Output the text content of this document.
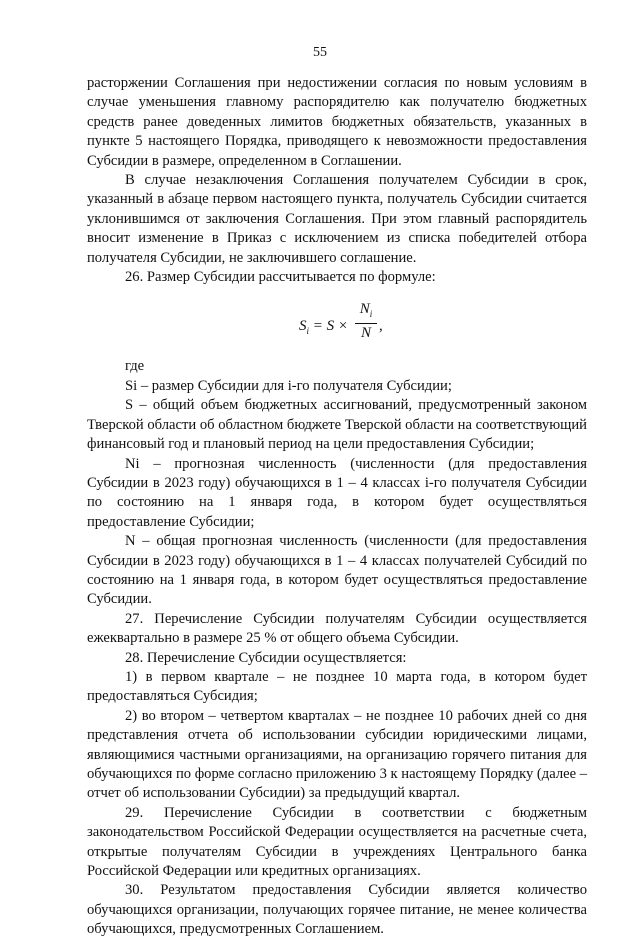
55

расторжении Соглашения при недостижении согласия по новым условиям в случае уменьшения главному распорядителю как получателю бюджетных средств ранее доведенных лимитов бюджетных обязательств, указанных в пункте 5 настоящего Порядка, приводящего к невозможности предоставления Субсидии в размере, определенном в Соглашении.

В случае незаключения Соглашения получателем Субсидии в срок, указанный в абзаце первом настоящего пункта, получатель Субсидии считается уклонившимся от заключения Соглашения. При этом главный распорядитель вносит изменение в Приказ с исключением из списка победителей отбора получателя Субсидии, не заключившего соглашение.

26. Размер Субсидии рассчитывается по формуле:

$S_i = S \times \frac{N_i}{N}$ ,

где

Si – размер Субсидии для i-го получателя Субсидии;

S – общий объем бюджетных ассигнований, предусмотренный законом Тверской области об областном бюджете Тверской области на соответствующий финансовый год и плановый период на цели предоставления Субсидии;

Ni – прогнозная численность (численности (для предоставления Субсидии в 2023 году) обучающихся в 1 – 4 классах i-го получателя Субсидии по состоянию на 1 января года, в котором будет осуществляться предоставление Субсидии;

N – общая прогнозная численность (численности (для предоставления Субсидии в 2023 году) обучающихся в 1 – 4 классах получателей Субсидий по состоянию на 1 января года, в котором будет осуществляться предоставление Субсидии.

27. Перечисление Субсидии получателям Субсидии осуществляется ежеквартально в размере 25 % от общего объема Субсидии.

28. Перечисление Субсидии осуществляется:

1) в первом квартале – не позднее 10 марта года, в котором будет предоставляться Субсидия;

2) во втором – четвертом кварталах – не позднее 10 рабочих дней со дня представления отчета об использовании субсидии юридическими лицами, являющимися частными организациями, на организацию горячего питания для обучающихся по форме согласно приложению 3 к настоящему Порядку (далее – отчет об использовании Субсидии) за предыдущий квартал.

29. Перечисление Субсидии в соответствии с бюджетным законодательством Российской Федерации осуществляется на расчетные счета, открытые получателям Субсидии в учреждениях Центрального банка Российской Федерации или кредитных организациях.

30. Результатом предоставления Субсидии является количество обучающихся организации, получающих горячее питание, не менее количества обучающихся, предусмотренных Соглашением.
